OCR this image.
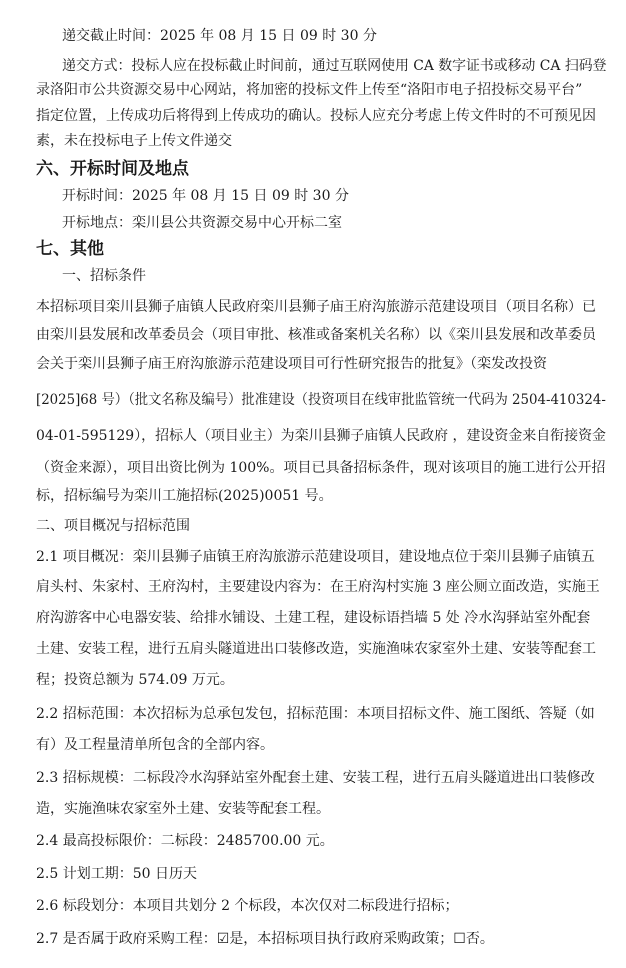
递交截止时间：2025 年 08 月 15 日 09 时 30 分
递交方式：投标人应在投标截止时间前，通过互联网使用 CA 数字证书或移动 CA 扫码登
录洛阳市公共资源交易中心网站，将加密的投标文件上传至“洛阳市电子招投标交易平台”
指定位置，上传成功后将得到上传成功的确认。投标人应充分考虑上传文件时的不可预见因
素，未在投标电子上传文件递交
六、开标时间及地点
开标时间：2025 年 08 月 15 日 09 时 30 分
开标地点：栾川县公共资源交易中心开标二室
七、其他
一、招标条件
本招标项目栾川县狮子庙镇人民政府栾川县狮子庙王府沟旅游示范建设项目（项目名称）已
由栾川县发展和改革委员会（项目审批、核准或备案机关名称）以《栾川县发展和改革委员
会关于栾川县狮子庙王府沟旅游示范建设项目可行性研究报告的批复》（栾发改投资
[2025]68 号）（批文名称及编号）批准建设（投资项目在线审批监管统一代码为 2504-410324-
04-01-595129），招标人（项目业主）为栾川县狮子庙镇人民政府 ，建设资金来自衔接资金
（资金来源），项目出资比例为 100%。项目已具备招标条件，现对该项目的施工进行公开招
标，招标编号为栾川工施招标(2025)0051 号。
二、项目概况与招标范围
2.1 项目概况：栾川县狮子庙镇王府沟旅游示范建设项目，建设地点位于栾川县狮子庙镇五
肩头村、朱家村、王府沟村，主要建设内容为：在王府沟村实施 3 座公厕立面改造，实施王
府沟游客中心电器安装、给排水铺设、土建工程，建设标语挡墙 5 处 冷水沟驿站室外配套
土建、安装工程，进行五肩头隧道进出口装修改造，实施渔味农家室外土建、安装等配套工
程；投资总额为 574.09 万元。
2.2 招标范围：本次招标为总承包发包，招标范围：本项目招标文件、施工图纸、答疑（如
有）及工程量清单所包含的全部内容。
2.3 招标规模：二标段冷水沟驿站室外配套土建、安装工程，进行五肩头隧道进出口装修改
造，实施渔味农家室外土建、安装等配套工程。
2.4 最高投标限价：二标段：2485700.00 元。
2.5 计划工期：50 日历天
2.6 标段划分：本项目共划分 2 个标段，本次仅对二标段进行招标；
2.7 是否属于政府采购工程：☑是，本招标项目执行政府采购政策；☐否。
